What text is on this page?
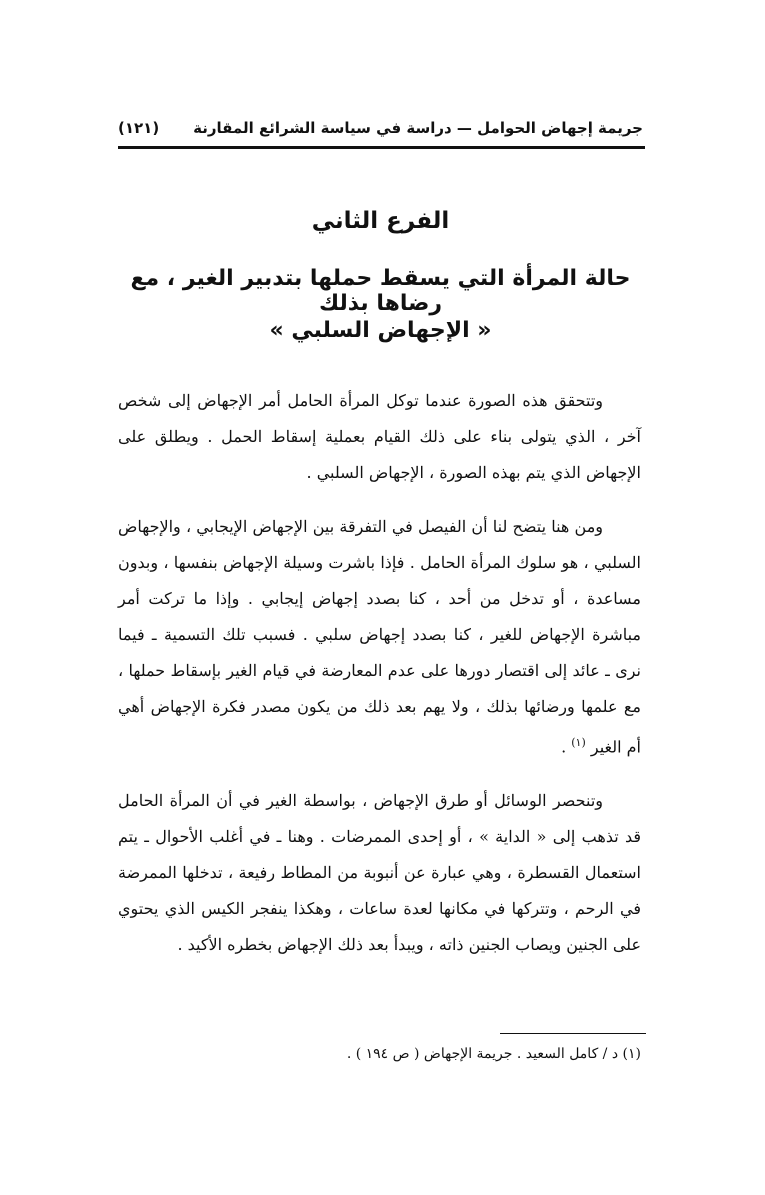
جريمة إجهاض الحوامل — دراسة في سياسة الشرائع المقارنة
(١٢١)
الفرع الثاني
حالة المرأة التي يسقط حملها بتدبير الغير ، مع رضاها بذلك
« الإجهاض السلبي »

وتتحقق هذه الصورة عندما توكل المرأة الحامل أمر الإجهاض إلى شخص آخر ، الذي يتولى بناء على ذلك القيام بعملية إسقاط الحمل . ويطلق على الإجهاض الذي يتم بهذه الصورة ، الإجهاض السلبي .

ومن هنا يتضح لنا أن الفيصل في التفرقة بين الإجهاض الإيجابي ، والإجهاض السلبي ، هو سلوك المرأة الحامل . فإذا باشرت وسيلة الإجهاض بنفسها ، وبدون مساعدة ، أو تدخل من أحد ، كنا بصدد إجهاض إيجابي . وإذا ما تركت أمر مباشرة الإجهاض للغير ، كنا بصدد إجهاض سلبي . فسبب تلك التسمية ـ فيما نرى ـ عائد إلى اقتصار دورها على عدم المعارضة في قيام الغير بإسقاط حملها ، مع علمها ورضائها بذلك ، ولا يهم بعد ذلك من يكون مصدر فكرة الإجهاض أهي أم الغير $^{(١)}$ .

وتنحصر الوسائل أو طرق الإجهاض ، بواسطة الغير في أن المرأة الحامل قد تذهب إلى « الداية » ، أو إحدى الممرضات . وهنا ـ في أغلب الأحوال ـ يتم استعمال القسطرة ، وهي عبارة عن أنبوبة من المطاط رفيعة ، تدخلها الممرضة في الرحم ، وتتركها في مكانها لعدة ساعات ، وهكذا ينفجر الكيس الذي يحتوي على الجنين ويصاب الجنين ذاته ، ويبدأ بعد ذلك الإجهاض بخطره الأكيد .

(١) د / كامل السعيد . جريمة الإجهاض ( ص ١٩٤ ) .
